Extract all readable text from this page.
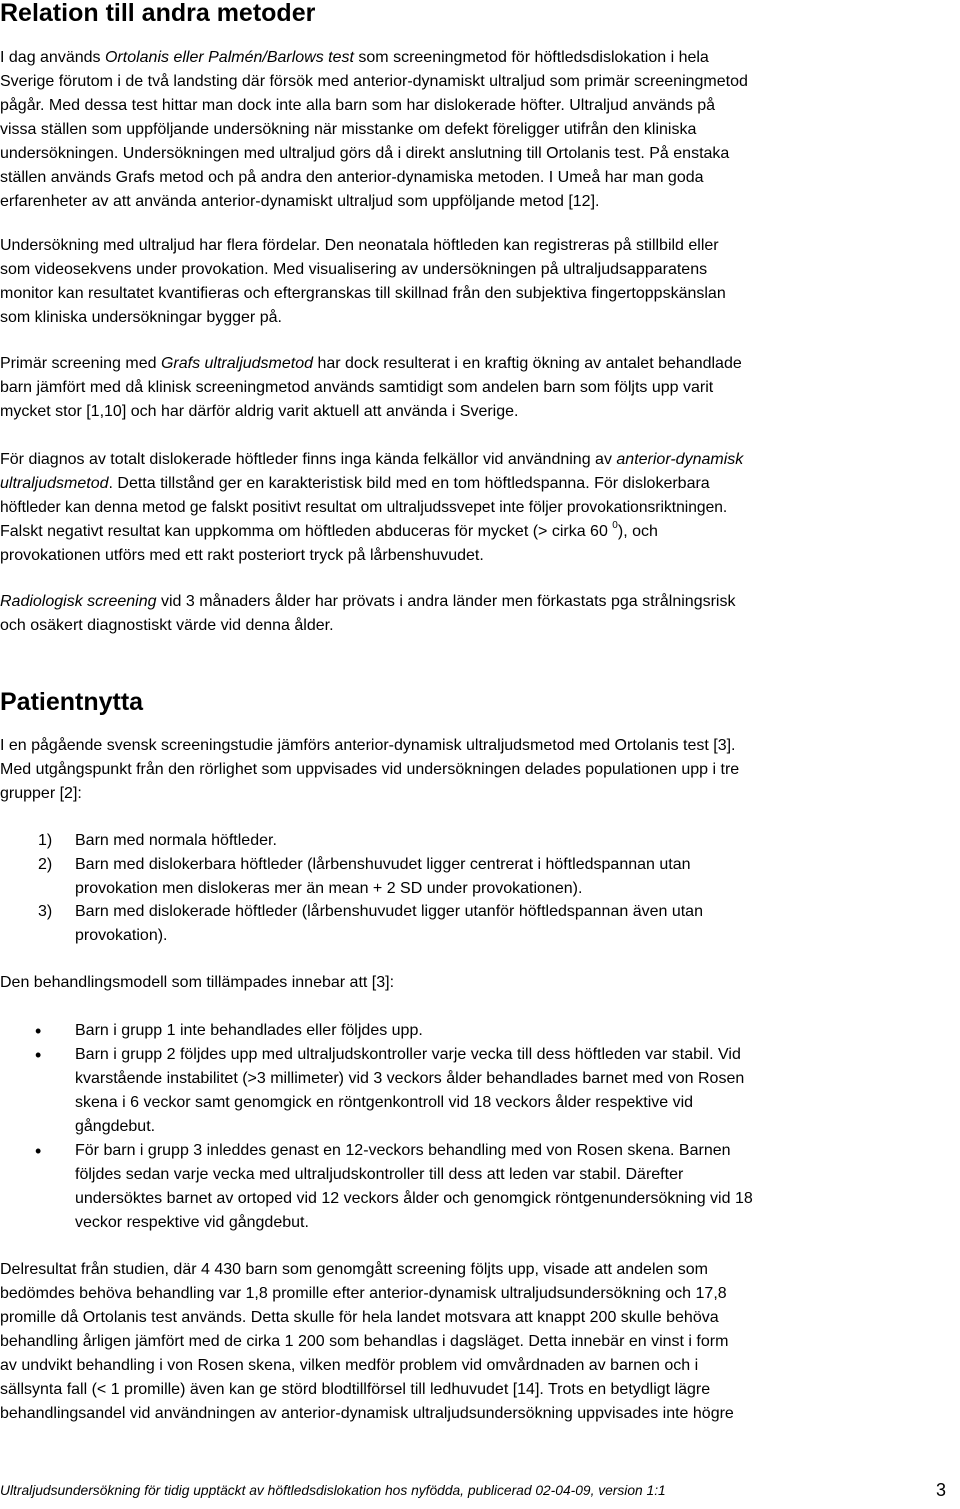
Relation till andra metoder
I dag används Ortolanis eller Palmén/Barlows test som screeningmetod för höftledsdislokation i hela
Sverige förutom i de två landsting där försök med anterior-dynamiskt ultraljud som primär screeningmetod
pågår. Med dessa test hittar man dock inte alla barn som har dislokerade höfter. Ultraljud används på
vissa ställen som uppföljande undersökning när misstanke om defekt föreligger utifrån den kliniska
undersökningen. Undersökningen med ultraljud görs då i direkt anslutning till Ortolanis test. På enstaka
ställen används Grafs metod och på andra den anterior-dynamiska metoden. I Umeå har man goda
erfarenheter av att använda anterior-dynamiskt ultraljud som uppföljande metod [12].
Undersökning med ultraljud har flera fördelar. Den neonatala höftleden kan registreras på stillbild eller
som videosekvens under provokation. Med visualisering av undersökningen på ultraljudsapparatens
monitor kan resultatet kvantifieras och eftergranskas till skillnad från den subjektiva fingertoppskänslan
som kliniska undersökningar bygger på.
Primär screening med Grafs ultraljudsmetod har dock resulterat i en kraftig ökning av antalet behandlade
barn jämfört med då klinisk screeningmetod används samtidigt som andelen barn som följts upp varit
mycket stor [1,10] och har därför aldrig varit aktuell att använda i Sverige.
För diagnos av totalt dislokerade höftleder finns inga kända felkällor vid användning av anterior-dynamisk
ultraljudsmetod. Detta tillstånd ger en karakteristisk bild med en tom höftledspanna. För dislokerbara
höftleder kan denna metod ge falskt positivt resultat om ultraljudssvepet inte följer provokationsriktningen.
Falskt negativt resultat kan uppkomma om höftleden abduceras för mycket (> cirka 60 $^0$), och
provokationen utförs med ett rakt posteriort tryck på lårbenshuvudet.
Radiologisk screening vid 3 månaders ålder har prövats i andra länder men förkastats pga strålningsrisk
och osäkert diagnostiskt värde vid denna ålder.
Patientnytta
I en pågående svensk screeningstudie jämförs anterior-dynamisk ultraljudsmetod med Ortolanis test [3].
Med utgångspunkt från den rörlighet som uppvisades vid undersökningen delades populationen upp i tre
grupper [2]:
1) Barn med normala höftleder.
2) Barn med dislokerbara höftleder (lårbenshuvudet ligger centrerat i höftledspannan utan
provokation men dislokeras mer än mean + 2 SD under provokationen).
3) Barn med dislokerade höftleder (lårbenshuvudet ligger utanför höftledspannan även utan
provokation).
Den behandlingsmodell som tillämpades innebar att [3]:
• Barn i grupp 1 inte behandlades eller följdes upp.
• Barn i grupp 2 följdes upp med ultraljudskontroller varje vecka till dess höftleden var stabil. Vid
kvarstående instabilitet (>3 millimeter) vid 3 veckors ålder behandlades barnet med von Rosen
skena i 6 veckor samt genomgick en röntgenkontroll vid 18 veckors ålder respektive vid
gångdebut.
• För barn i grupp 3 inleddes genast en 12-veckors behandling med von Rosen skena. Barnen
följdes sedan varje vecka med ultraljudskontroller till dess att leden var stabil. Därefter
undersöktes barnet av ortoped vid 12 veckors ålder och genomgick röntgenundersökning vid 18
veckor respektive vid gångdebut.
Delresultat från studien, där 4 430 barn som genomgått screening följts upp, visade att andelen som
bedömdes behöva behandling var 1,8 promille efter anterior-dynamisk ultraljudsundersökning och 17,8
promille då Ortolanis test används. Detta skulle för hela landet motsvara att knappt 200 skulle behöva
behandling årligen jämfört med de cirka 1 200 som behandlas i dagsläget. Detta innebär en vinst i form
av undvikt behandling i von Rosen skena, vilken medför problem vid omvårdnaden av barnen och i
sällsynta fall (< 1 promille) även kan ge störd blodtillförsel till ledhuvudet [14]. Trots en betydligt lägre
behandlingsandel vid användningen av anterior-dynamisk ultraljudsundersökning uppvisades inte högre
Ultraljudsundersökning för tidig upptäckt av höftledsdislokation hos nyfödda, publicerad 02-04-09, version 1:1	3
